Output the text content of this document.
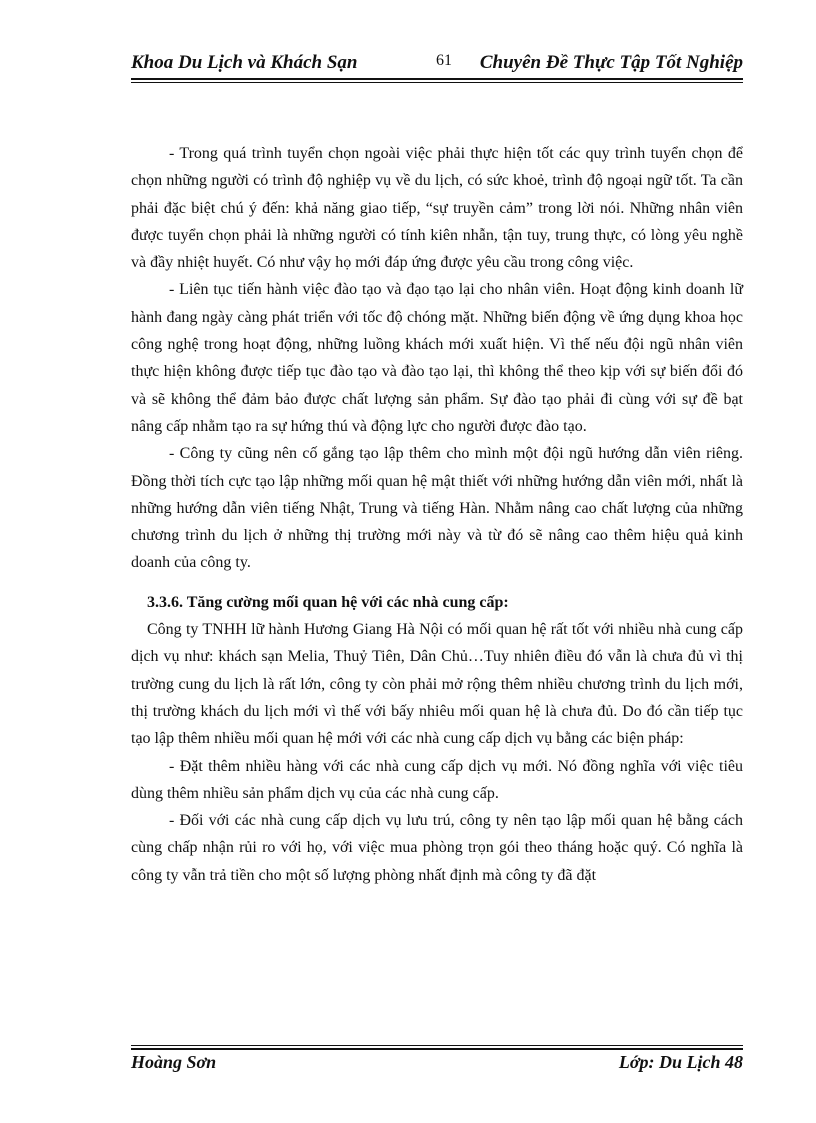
Khoa Du Lịch và Khách Sạn	61 Chuyên Đề Thực Tập Tốt Nghiệp

- Trong quá trình tuyển chọn ngoài việc phải thực hiện tốt các quy trình tuyển chọn để chọn những người có trình độ nghiệp vụ về du lịch, có sức khoẻ, trình độ ngoại ngữ tốt. Ta cần phải đặc biệt chú ý đến: khả năng giao tiếp, “sự truyền cảm” trong lời nói. Những nhân viên được tuyển chọn phải là những người có tính kiên nhẫn, tận tuy, trung thực, có lòng yêu nghề và đầy nhiệt huyết. Có như vậy họ mới đáp ứng được yêu cầu trong công việc.

- Liên tục tiến hành việc đào tạo và đạo tạo lại cho nhân viên. Hoạt động kinh doanh lữ hành đang ngày càng phát triển với tốc độ chóng mặt. Những biến động về ứng dụng khoa học công nghệ trong hoạt động, những luồng khách mới xuất hiện. Vì thế nếu đội ngũ nhân viên thực hiện không được tiếp tục đào tạo và đào tạo lại, thì không thể theo kịp với sự biến đổi đó và sẽ không thể đảm bảo được chất lượng sản phẩm. Sự đào tạo phải đi cùng với sự đề bạt nâng cấp nhằm tạo ra sự hứng thú và động lực cho người được đào tạo.

- Công ty cũng nên cố gắng tạo lập thêm cho mình một đội ngũ hướng dẫn viên riêng. Đồng thời tích cực tạo lập những mối quan hệ mật thiết với những hướng dẫn viên mới, nhất là những hướng dẫn viên tiếng Nhật, Trung và tiếng Hàn. Nhằm nâng cao chất lượng của những chương trình du lịch ở những thị trường mới này và từ đó sẽ nâng cao thêm hiệu quả kinh doanh của công ty.

3.3.6. Tăng cường mối quan hệ với các nhà cung cấp:

Công ty TNHH lữ hành Hương Giang Hà Nội có mối quan hệ rất tốt với nhiều nhà cung cấp dịch vụ như: khách sạn Melia, Thuỷ Tiên, Dân Chủ…Tuy nhiên điều đó vẫn là chưa đủ vì thị trường cung du lịch là rất lớn, công ty còn phải mở rộng thêm nhiều chương trình du lịch mới, thị trường khách du lịch mới vì thế với bấy nhiêu mối quan hệ là chưa đủ. Do đó cần tiếp tục tạo lập thêm nhiều mối quan hệ mới với các nhà cung cấp dịch vụ bằng các biện pháp:

- Đặt thêm nhiều hàng với các nhà cung cấp dịch vụ mới. Nó đồng nghĩa với việc tiêu dùng thêm nhiều sản phẩm dịch vụ của các nhà cung cấp.

- Đối với các nhà cung cấp dịch vụ lưu trú, công ty nên tạo lập mối quan hệ bằng cách cùng chấp nhận rủi ro với họ, với việc mua phòng trọn gói theo tháng hoặc quý. Có nghĩa là công ty vẫn trả tiền cho một số lượng phòng nhất định mà công ty đã đặt

Hoàng Sơn	Lớp: Du Lịch 48
